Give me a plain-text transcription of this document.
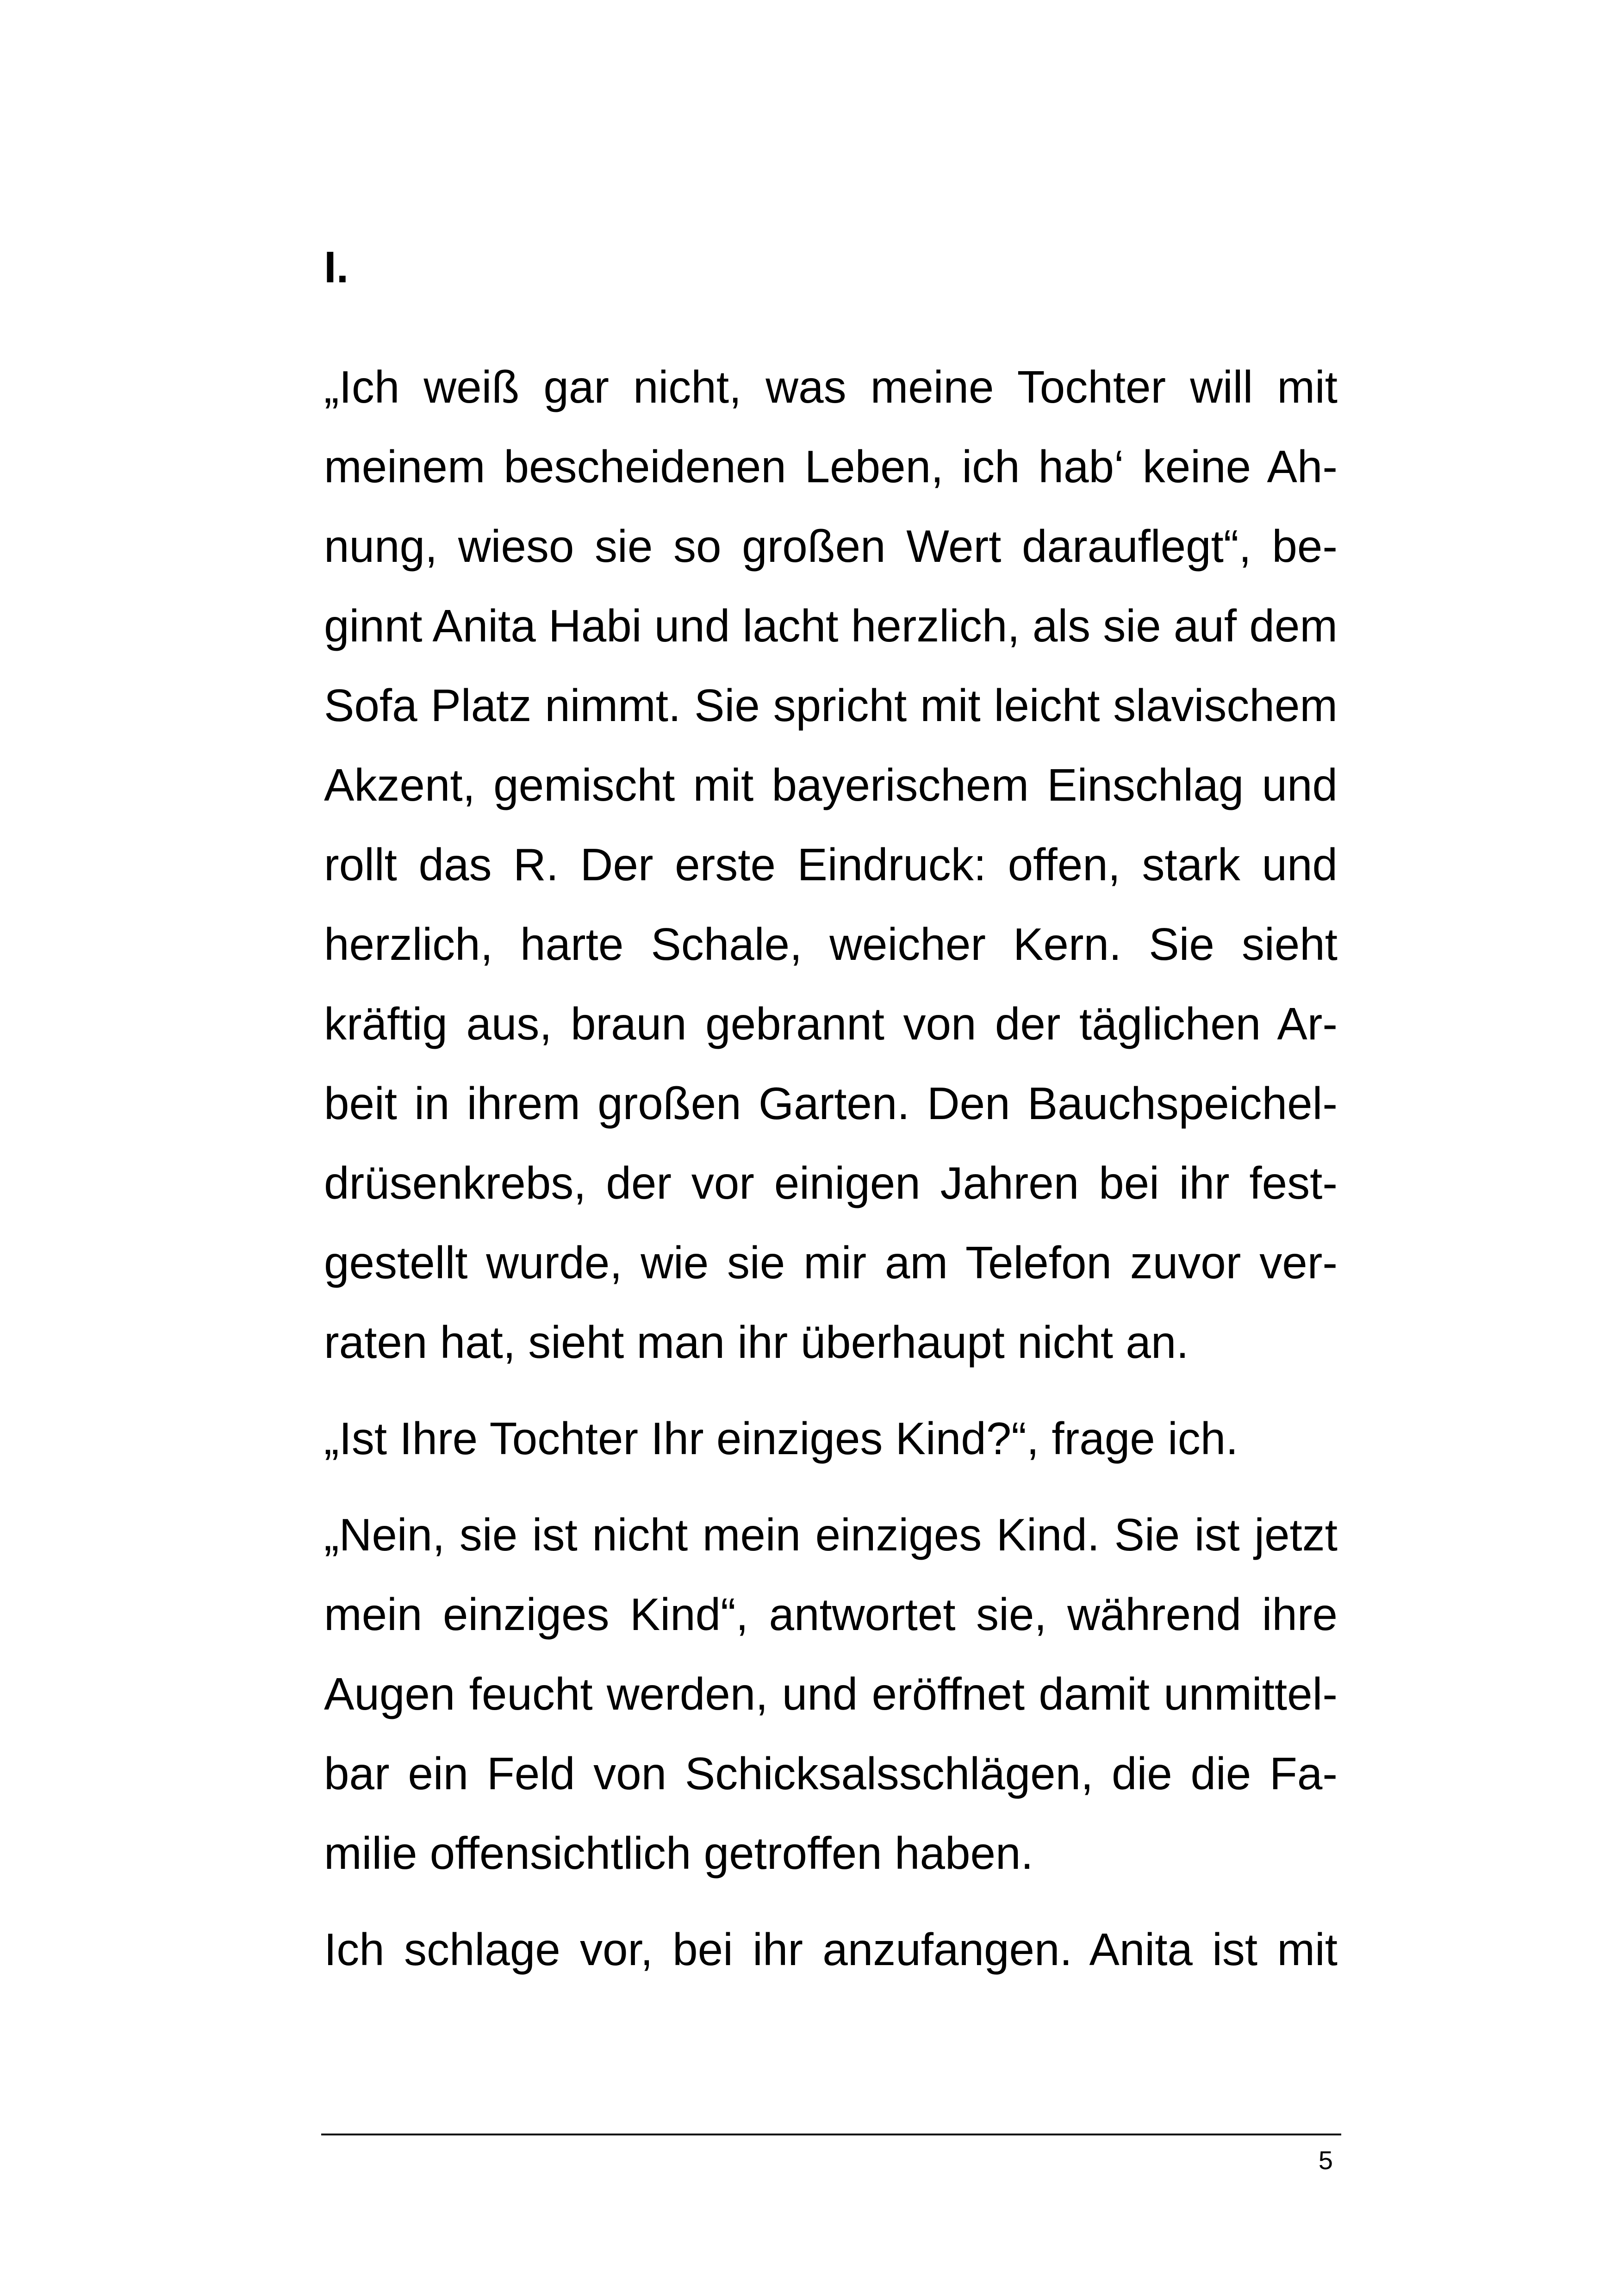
I.
„Ich weiß gar nicht, was meine Tochter will mit
meinem bescheidenen Leben, ich hab‘ keine Ah-
nung, wieso sie so großen Wert darauflegt“, be-
ginnt Anita Habi und lacht herzlich, als sie auf dem
Sofa Platz nimmt. Sie spricht mit leicht slavischem
Akzent, gemischt mit bayerischem Einschlag und
rollt das R. Der erste Eindruck: offen, stark und
herzlich, harte Schale, weicher Kern. Sie sieht
kräftig aus, braun gebrannt von der täglichen Ar-
beit in ihrem großen Garten. Den Bauchspeichel-
drüsenkrebs, der vor einigen Jahren bei ihr fest-
gestellt wurde, wie sie mir am Telefon zuvor ver-
raten hat, sieht man ihr überhaupt nicht an.
„Ist Ihre Tochter Ihr einziges Kind?“, frage ich.
„Nein, sie ist nicht mein einziges Kind. Sie ist jetzt
mein einziges Kind“, antwortet sie, während ihre
Augen feucht werden, und eröffnet damit unmittel-
bar ein Feld von Schicksalsschlägen, die die Fa-
milie offensichtlich getroffen haben.
Ich schlage vor, bei ihr anzufangen. Anita ist mit
5
